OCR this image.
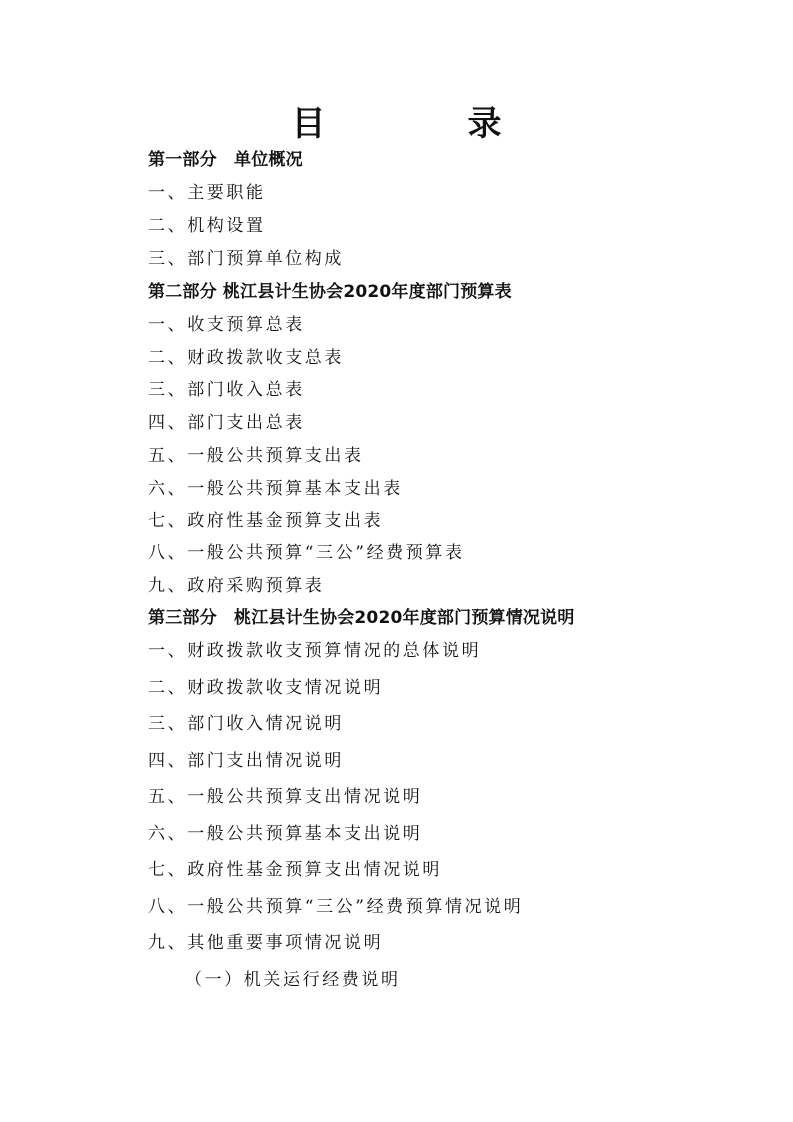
目　录
第一部分　单位概况
一、主要职能
二、机构设置
三、部门预算单位构成
第二部分 桃江县计生协会2020年度部门预算表
一、收支预算总表
二、财政拨款收支总表
三、部门收入总表
四、部门支出总表
五、一般公共预算支出表
六、一般公共预算基本支出表
七、政府性基金预算支出表
八、一般公共预算“三公”经费预算表
九、政府采购预算表
第三部分　桃江县计生协会2020年度部门预算情况说明
一、财政拨款收支预算情况的总体说明
二、财政拨款收支情况说明
三、部门收入情况说明
四、部门支出情况说明
五、一般公共预算支出情况说明
六、一般公共预算基本支出说明
七、政府性基金预算支出情况说明
八、一般公共预算“三公”经费预算情况说明
九、其他重要事项情况说明
（一）机关运行经费说明
